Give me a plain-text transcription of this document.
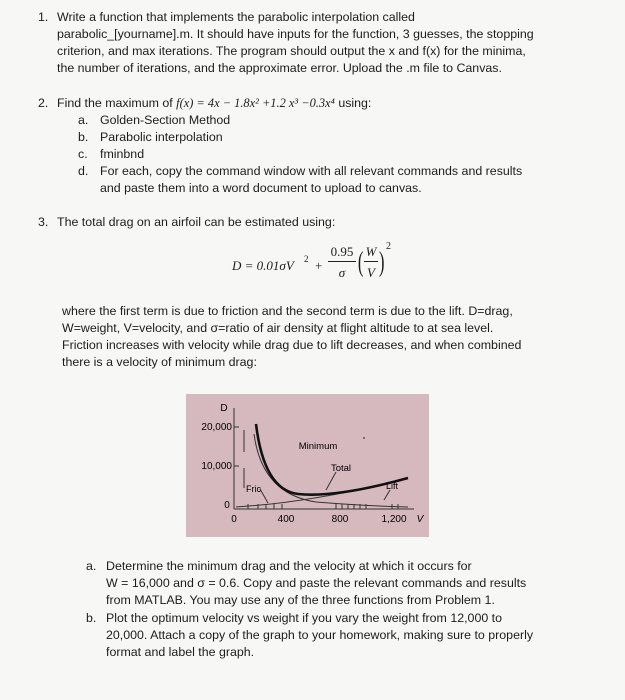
1. Write a function that implements the parabolic interpolation called
parabolic_[yourname].m. It should have inputs for the function, 3 guesses, the stopping
criterion, and max iterations. The program should output the x and f(x) for the minima,
the number of iterations, and the approximate error. Upload the .m file to Canvas.
2. Find the maximum of f(x) = 4x − 1.8x² +1.2 x³ −0.3x⁴ using:
a. Golden-Section Method
b. Parabolic interpolation
c. fminbnd
d. For each, copy the command window with all relevant commands and results
and paste them into a word document to upload to canvas.
3. The total drag on an airfoil can be estimated using:
D = 0.01σV 2 +
0.95
σ ( W
V )
2
where the first term is due to friction and the second term is due to the lift. D=drag,
W=weight, V=velocity, and σ=ratio of air density at flight altitude to at sea level.
Friction increases with velocity while drag due to lift decreases, and when combined
there is a velocity of minimum drag:
D
20,000
10,000
0
0	400	800	1,200 V
Minimum
Total
Fric	Lift
a. Determine the minimum drag and the velocity at which it occurs for
W = 16,000 and σ = 0.6. Copy and paste the relevant commands and results
from MATLAB. You may use any of the three functions from Problem 1.
b. Plot the optimum velocity vs weight if you vary the weight from 12,000 to
20,000. Attach a copy of the graph to your homework, making sure to properly
format and label the graph.
